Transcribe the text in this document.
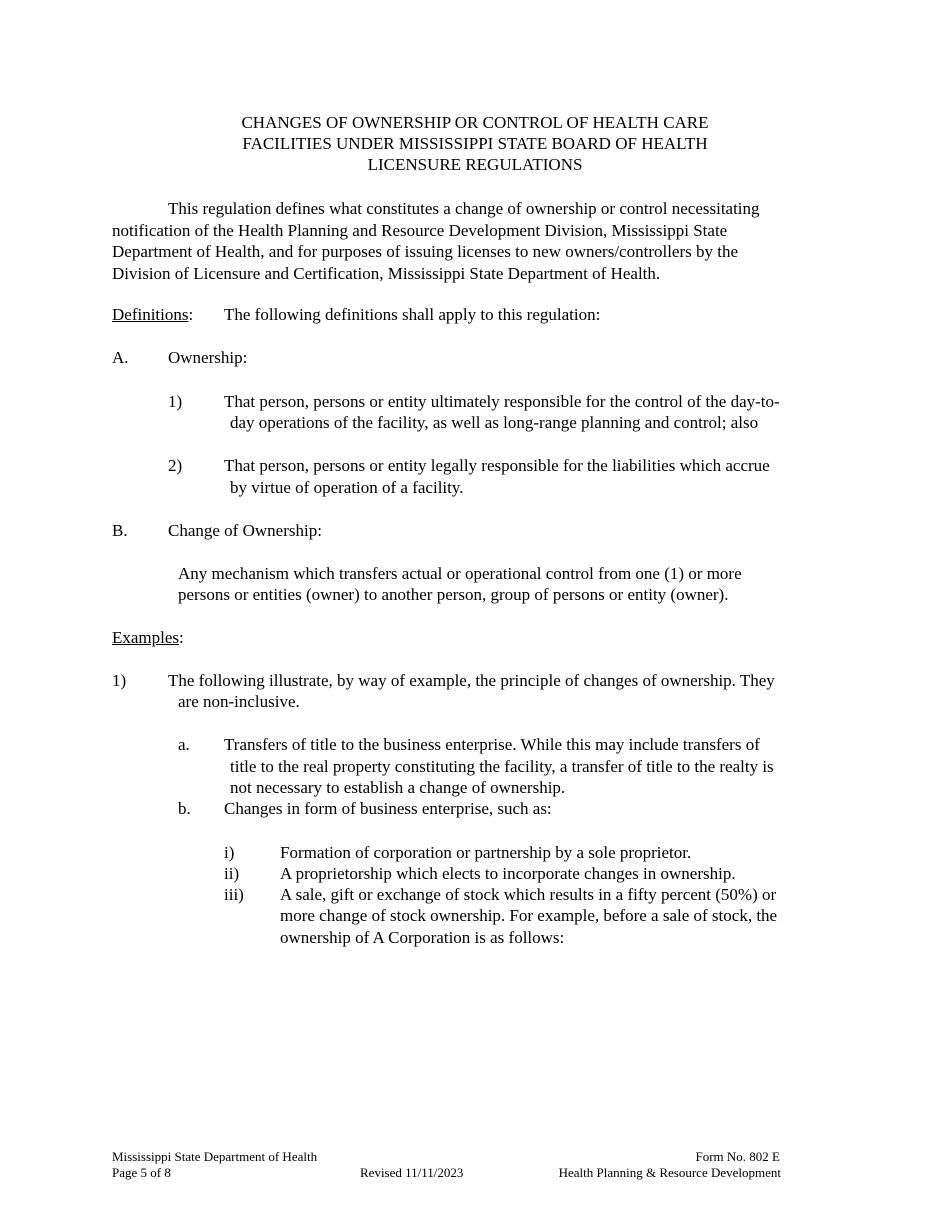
CHANGES OF OWNERSHIP OR CONTROL OF HEALTH CARE
FACILITIES UNDER MISSISSIPPI STATE BOARD OF HEALTH
LICENSURE REGULATIONS
This regulation defines what constitutes a change of ownership or control necessitating
notification of the Health Planning and Resource Development Division, Mississippi State
Department of Health, and for purposes of issuing licenses to new owners/controllers by the
Division of Licensure and Certification, Mississippi State Department of Health.
Definitions: The following definitions shall apply to this regulation:
A. Ownership:
1) That person, persons or entity ultimately responsible for the control of the day-to-
day operations of the facility, as well as long-range planning and control; also
2) That person, persons or entity legally responsible for the liabilities which accrue
by virtue of operation of a facility.
B. Change of Ownership:
Any mechanism which transfers actual or operational control from one (1) or more
persons or entities (owner) to another person, group of persons or entity (owner).
Examples:
1) The following illustrate, by way of example, the principle of changes of ownership. They
are non-inclusive.
a. Transfers of title to the business enterprise. While this may include transfers of
title to the real property constituting the facility, a transfer of title to the realty is
not necessary to establish a change of ownership.
b. Changes in form of business enterprise, such as:
i)	Formation of corporation or partnership by a sole proprietor.
ii) A proprietorship which elects to incorporate changes in ownership.
iii) A sale, gift or exchange of stock which results in a fifty percent (50%) or
more change of stock ownership. For example, before a sale of stock, the
ownership of A Corporation is as follows:
Mississippi State Department of Health
Page 5 of 8	Revised 11/11/2023
Form No. 802 E
Health Planning & Resource Development
